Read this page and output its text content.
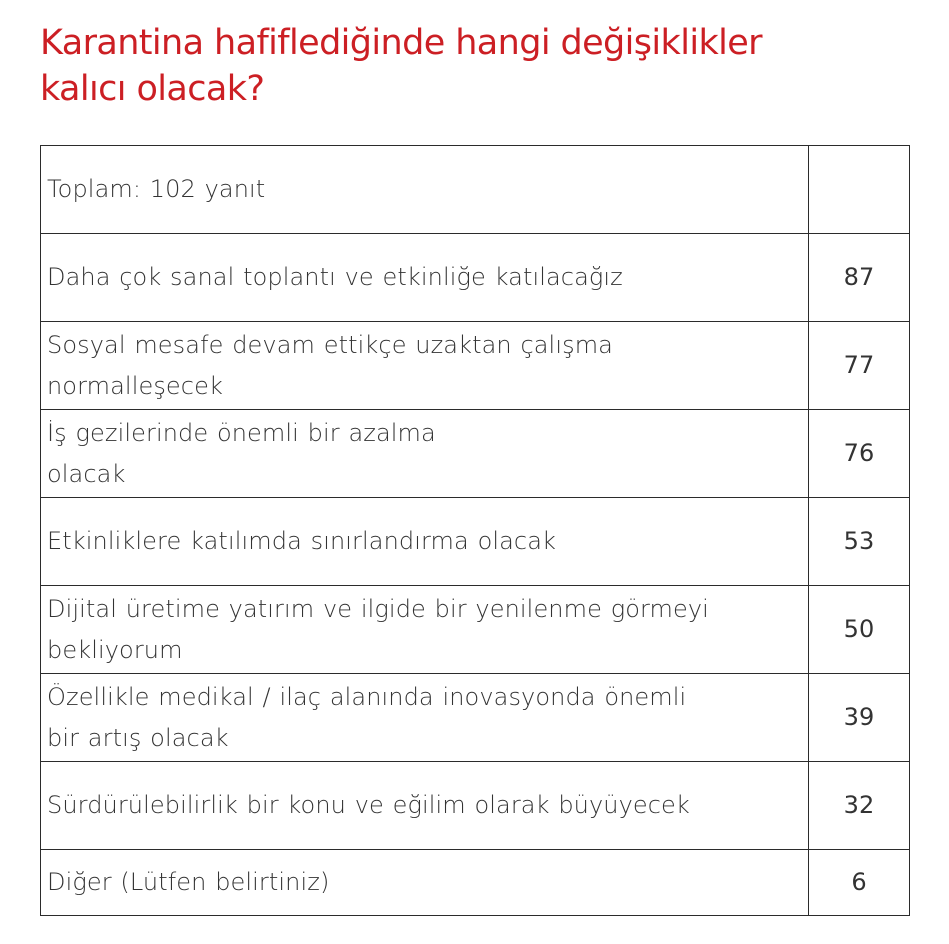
Karantina hafiflediğinde hangi değişiklikler
kalıcı olacak?
Toplam: 102 yanıt	

Daha çok sanal toplantı ve etkinliğe katılacağız	87

Sosyal mesafe devam ettikçe uzaktan çalışma
normalleşecek	77

İş gezilerinde önemli bir azalma
olacak	76

Etkinliklere katılımda sınırlandırma olacak	53

Dijital üretime yatırım ve ilgide bir yenilenme görmeyi
bekliyorum	50

Özellikle medikal / ilaç alanında inovasyonda önemli
bir artış olacak	39

Sürdürülebilirlik bir konu ve eğilim olarak büyüyecek	32

Diğer (Lütfen belirtiniz)	6
